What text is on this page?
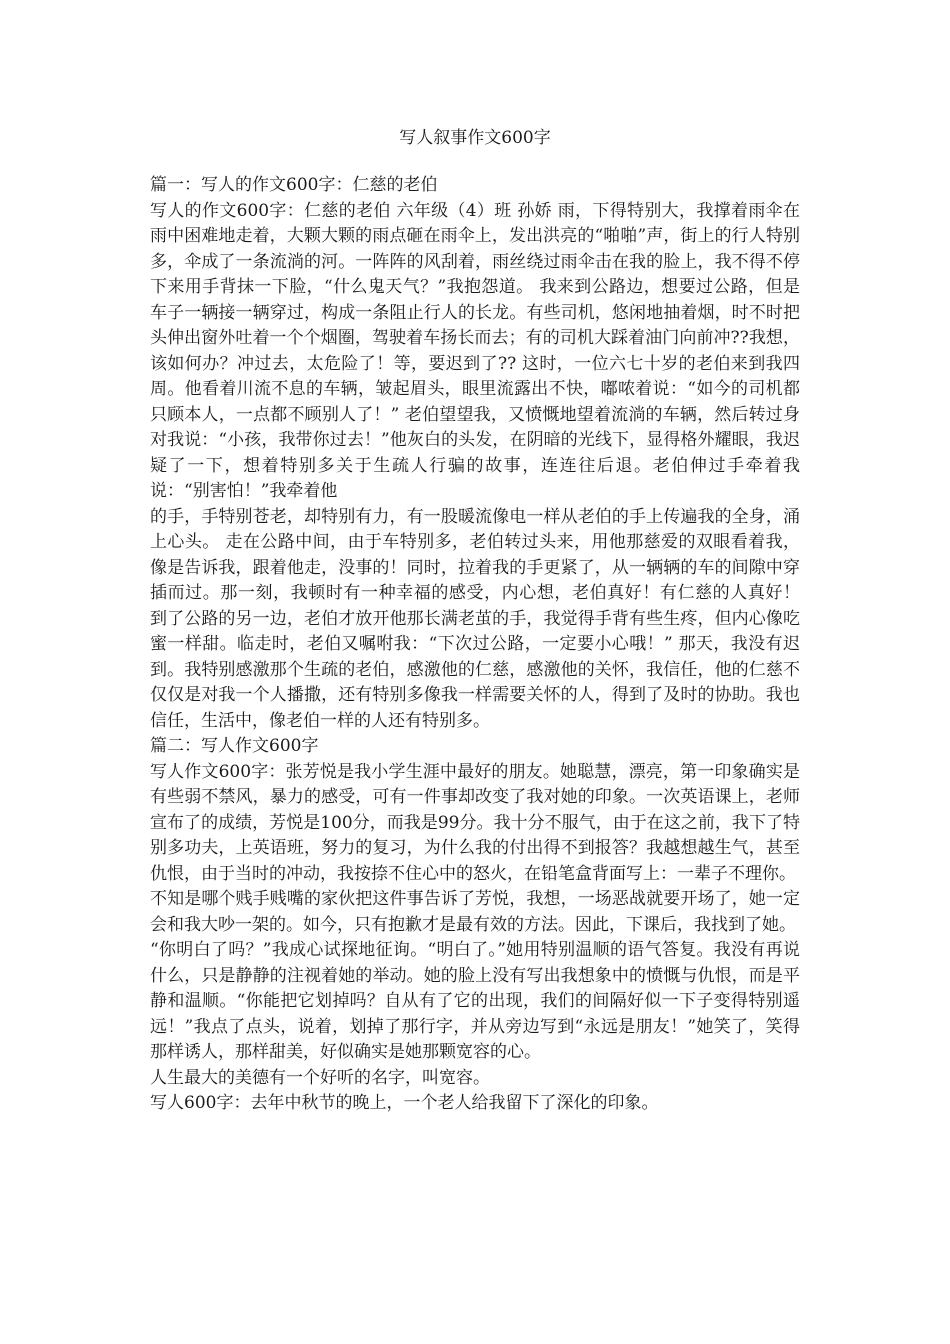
写人叙事作文600字

篇一：写人的作文600字：仁慈的老伯

写人的作文600字：仁慈的老伯 六年级（4）班 孙娇 雨，下得特别大，我撑着雨伞在雨中困难地走着，大颗大颗的雨点砸在雨伞上，发出洪亮的“啪啪”声，街上的行人特别多，伞成了一条流淌的河。一阵阵的风刮着，雨丝绕过雨伞击在我的脸上，我不得不停下来用手背抹一下脸，“什么鬼天气？”我抱怨道。 我来到公路边，想要过公路，但是车子一辆接一辆穿过，构成一条阻止行人的长龙。有些司机，悠闲地抽着烟，时不时把头伸出窗外吐着一个个烟圈，驾驶着车扬长而去；有的司机大踩着油门向前冲??我想，该如何办？冲过去，太危险了！等，要迟到了?? 这时，一位六七十岁的老伯来到我四周。他看着川流不息的车辆，皱起眉头，眼里流露出不快，嘟哝着说：“如今的司机都只顾本人，一点都不顾别人了！” 老伯望望我，又愤慨地望着流淌的车辆，然后转过身对我说：“小孩，我带你过去！”他灰白的头发，在阴暗的光线下，显得格外耀眼，我迟疑了一下，想着特别多关于生疏人行骗的故事，连连往后退。老伯伸过手牵着我说：“别害怕！”我牵着他

的手，手特别苍老，却特别有力，有一股暖流像电一样从老伯的手上传遍我的全身，涌上心头。 走在公路中间，由于车特别多，老伯转过头来，用他那慈爱的双眼看着我，像是告诉我，跟着他走，没事的！同时，拉着我的手更紧了，从一辆辆的车的间隙中穿插而过。那一刻，我顿时有一种幸福的感受，内心想，老伯真好！有仁慈的人真好！ 到了公路的另一边，老伯才放开他那长满老茧的手，我觉得手背有些生疼，但内心像吃蜜一样甜。临走时，老伯又嘱咐我：“下次过公路，一定要小心哦！” 那天，我没有迟到。我特别感激那个生疏的老伯，感激他的仁慈，感激他的关怀，我信任，他的仁慈不仅仅是对我一个人播撒，还有特别多像我一样需要关怀的人，得到了及时的协助。我也信任，生活中，像老伯一样的人还有特别多。

篇二：写人作文600字

写人作文600字：张芳悦是我小学生涯中最好的朋友。她聪慧，漂亮，第一印象确实是有些弱不禁风，暴力的感受，可有一件事却改变了我对她的印象。一次英语课上，老师宣布了的成绩，芳悦是100分，而我是99分。我十分不服气，由于在这之前，我下了特别多功夫，上英语班，努力的复习，为什么我的付出得不到报答？我越想越生气，甚至仇恨，由于当时的冲动，我按捺不住心中的怒火，在铅笔盒背面写上：一辈子不理你。

不知是哪个贱手贱嘴的家伙把这件事告诉了芳悦，我想，一场恶战就要开场了，她一定会和我大吵一架的。如今，只有抱歉才是最有效的方法。因此，下课后，我找到了她。

“你明白了吗？”我成心试探地征询。“明白了。”她用特别温顺的语气答复。我没有再说什么，只是静静的注视着她的举动。她的脸上没有写出我想象中的愤慨与仇恨，而是平静和温顺。“你能把它划掉吗？自从有了它的出现，我们的间隔好似一下子变得特别遥远！”我点了点头，说着，划掉了那行字，并从旁边写到“永远是朋友！”她笑了，笑得那样诱人，那样甜美，好似确实是她那颗宽容的心。

人生最大的美德有一个好听的名字，叫宽容。

写人600字：去年中秋节的晚上，一个老人给我留下了深化的印象。
